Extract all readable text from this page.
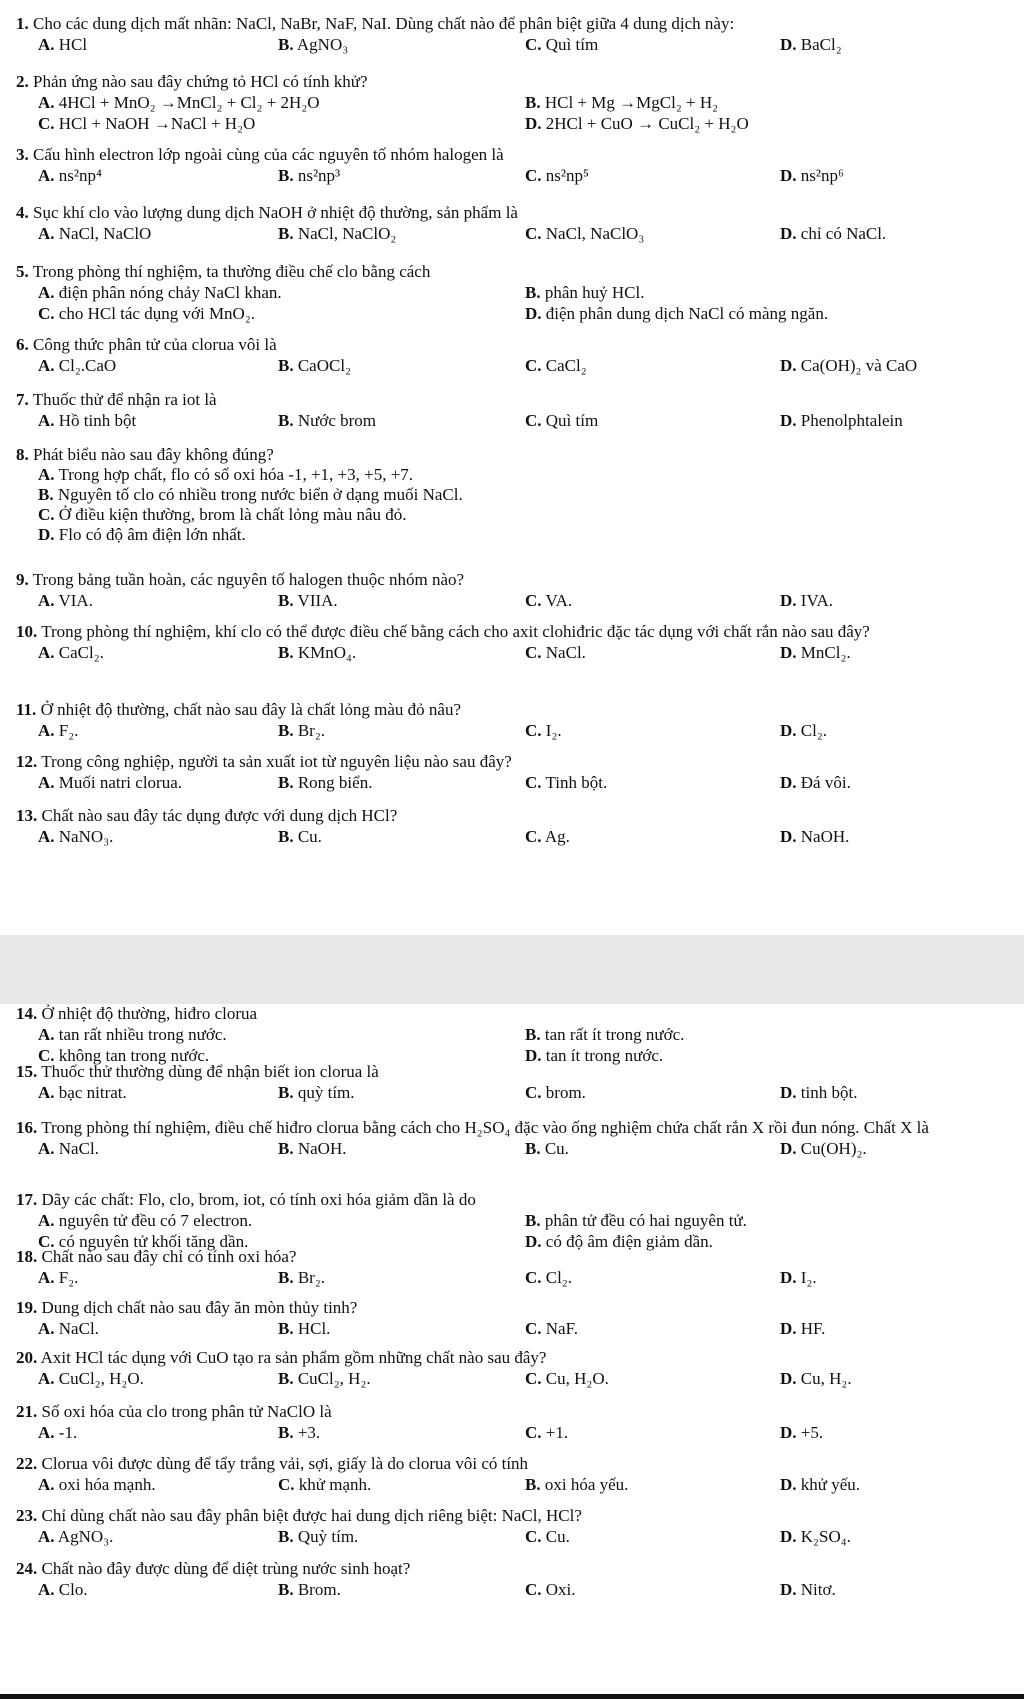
1. Cho các dung dịch mất nhãn: NaCl, NaBr, NaF, NaI. Dùng chất nào để phân biệt giữa 4 dung dịch này:
A. HCl	B. AgNO₃	C. Quì tím	D. BaCl₂
2. Phản ứng nào sau đây chứng tỏ HCl có tính khử?
A. 4HCl + MnO₂ →MnCl₂ + Cl₂ + 2H₂O	B. HCl + Mg →MgCl₂ + H₂
C. HCl + NaOH →NaCl + H₂O	D. 2HCl + CuO → CuCl₂ + H₂O
3. Cấu hình electron lớp ngoài cùng của các nguyên tố nhóm halogen là
A. ns²np⁴	B. ns²np³	C. ns²np⁵	D. ns²np⁶
4. Sục khí clo vào lượng dung dịch NaOH ở nhiệt độ thường, sản phẩm là
A. NaCl, NaClO	B. NaCl, NaClO₂	C. NaCl, NaClO₃	D. chỉ có NaCl.
5. Trong phòng thí nghiệm, ta thường điều chế clo bằng cách
A. điện phân nóng chảy NaCl khan.	B. phân huỷ HCl.
C. cho HCl tác dụng với MnO₂.	D. điện phân dung dịch NaCl có màng ngăn.
6. Công thức phân tử của clorua vôi là
A. Cl₂.CaO	B. CaOCl₂	C. CaCl₂	D. Ca(OH)₂ và CaO
7. Thuốc thử để nhận ra iot là
A. Hồ tinh bột	B. Nước brom	C. Quì tím	D. Phenolphtalein
8. Phát biểu nào sau đây không đúng?
A. Trong hợp chất, flo có số oxi hóa -1, +1, +3, +5, +7.
B. Nguyên tố clo có nhiều trong nước biển ở dạng muối NaCl.
C. Ở điều kiện thường, brom là chất lỏng màu nâu đỏ.
D. Flo có độ âm điện lớn nhất.
9. Trong bảng tuần hoàn, các nguyên tố halogen thuộc nhóm nào?
A. VIA.	B. VIIA.	C. VA.	D. IVA.
10. Trong phòng thí nghiệm, khí clo có thể được điều chế bằng cách cho axit clohiđric đặc tác dụng với chất rắn nào sau đây?
A. CaCl₂.	B. KMnO₄.	C. NaCl.	D. MnCl₂.
11. Ở nhiệt độ thường, chất nào sau đây là chất lỏng màu đỏ nâu?
A. F₂.	B. Br₂.	C. I₂.	D. Cl₂.
12. Trong công nghiệp, người ta sản xuất iot từ nguyên liệu nào sau đây?
A. Muối natri clorua.	B. Rong biển.	C. Tinh bột.	D. Đá vôi.
13. Chất nào sau đây tác dụng được với dung dịch HCl?
A. NaNO₃.	B. Cu.	C. Ag.	D. NaOH.
14. Ở nhiệt độ thường, hiđro clorua
A. tan rất nhiều trong nước.	B. tan rất ít trong nước.
C. không tan trong nước.	D. tan ít trong nước.
15. Thuốc thử thường dùng để nhận biết ion clorua là
A. bạc nitrat.	B. quỳ tím.	C. brom.	D. tinh bột.
16. Trong phòng thí nghiệm, điều chế hiđro clorua bằng cách cho H₂SO₄ đặc vào ống nghiệm chứa chất rắn X rồi đun nóng. Chất X là
A. NaCl.	B. NaOH.	B. Cu.	D. Cu(OH)₂.
17. Dãy các chất: Flo, clo, brom, iot, có tính oxi hóa giảm dần là do
A. nguyên tử đều có 7 electron.	B. phân tử đều có hai nguyên tử.
C. có nguyên tử khối tăng dần.	D. có độ âm điện giảm dần.
18. Chất nào sau đây chỉ có tính oxi hóa?
A. F₂.	B. Br₂.	C. Cl₂.	D. I₂.
19. Dung dịch chất nào sau đây ăn mòn thủy tinh?
A. NaCl.	B. HCl.	C. NaF.	D. HF.
20. Axit HCl tác dụng với CuO tạo ra sản phẩm gồm những chất nào sau đây?
A. CuCl₂, H₂O.	B. CuCl₂, H₂.	C. Cu, H₂O.	D. Cu, H₂.
21. Số oxi hóa của clo trong phân tử NaClO là
A. -1.	B. +3.	C. +1.	D. +5.
22. Clorua vôi được dùng để tẩy trắng vải, sợi, giấy là do clorua vôi có tính
A. oxi hóa mạnh.	C. khử mạnh.	B. oxi hóa yếu.	D. khử yếu.
23. Chỉ dùng chất nào sau đây phân biệt được hai dung dịch riêng biệt: NaCl, HCl?
A. AgNO₃.	B. Quỳ tím.	C. Cu.	D. K₂SO₄.
24. Chất nào đây được dùng để diệt trùng nước sinh hoạt?
A. Clo.	B. Brom.	C. Oxi.	D. Nitơ.
